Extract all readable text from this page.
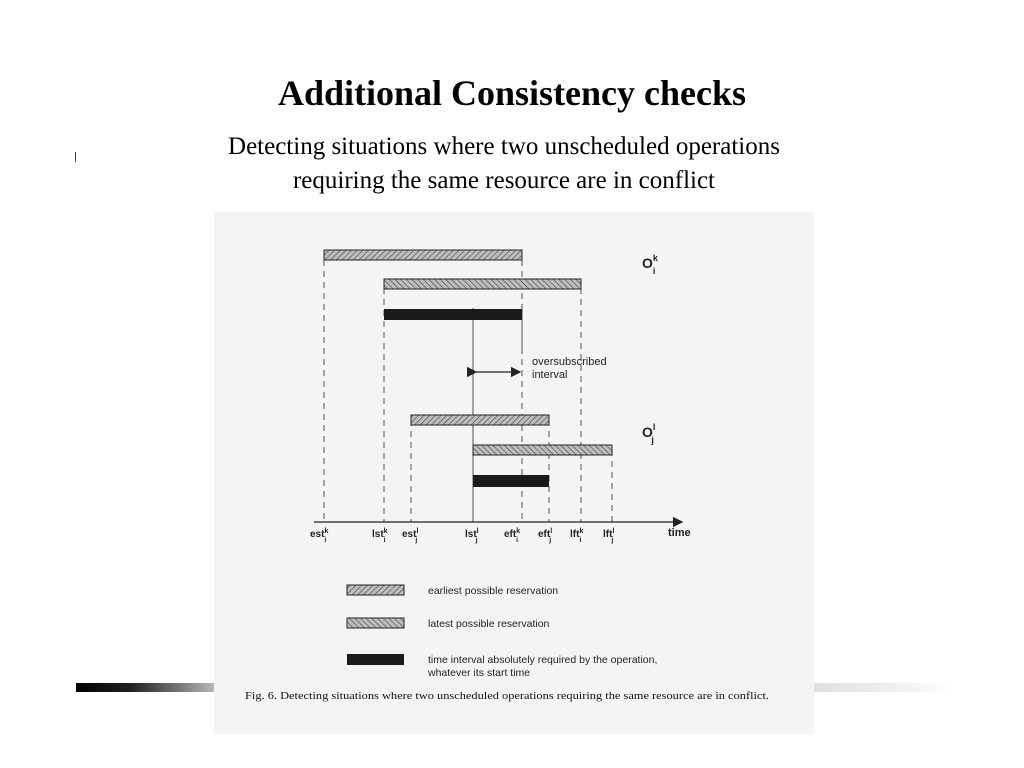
Additional Consistency checks
Detecting situations where two unscheduled operations
requiring the same resource are in conflict
oversubscribed
interval
$O^k$ i
$O^l$ j
time
est$^k$ i
lst$^k$ i
est$^l$ j
lst$^l$ j
eft$^k$ i
eft$^l$ j
lft$^k$ i
lft$^l$ j
earliest possible reservation
latest possible reservation
time interval absolutely required by the operation,
whatever its start time
Fig. 6. Detecting situations where two unscheduled operations requiring the same resource are in conflict.
